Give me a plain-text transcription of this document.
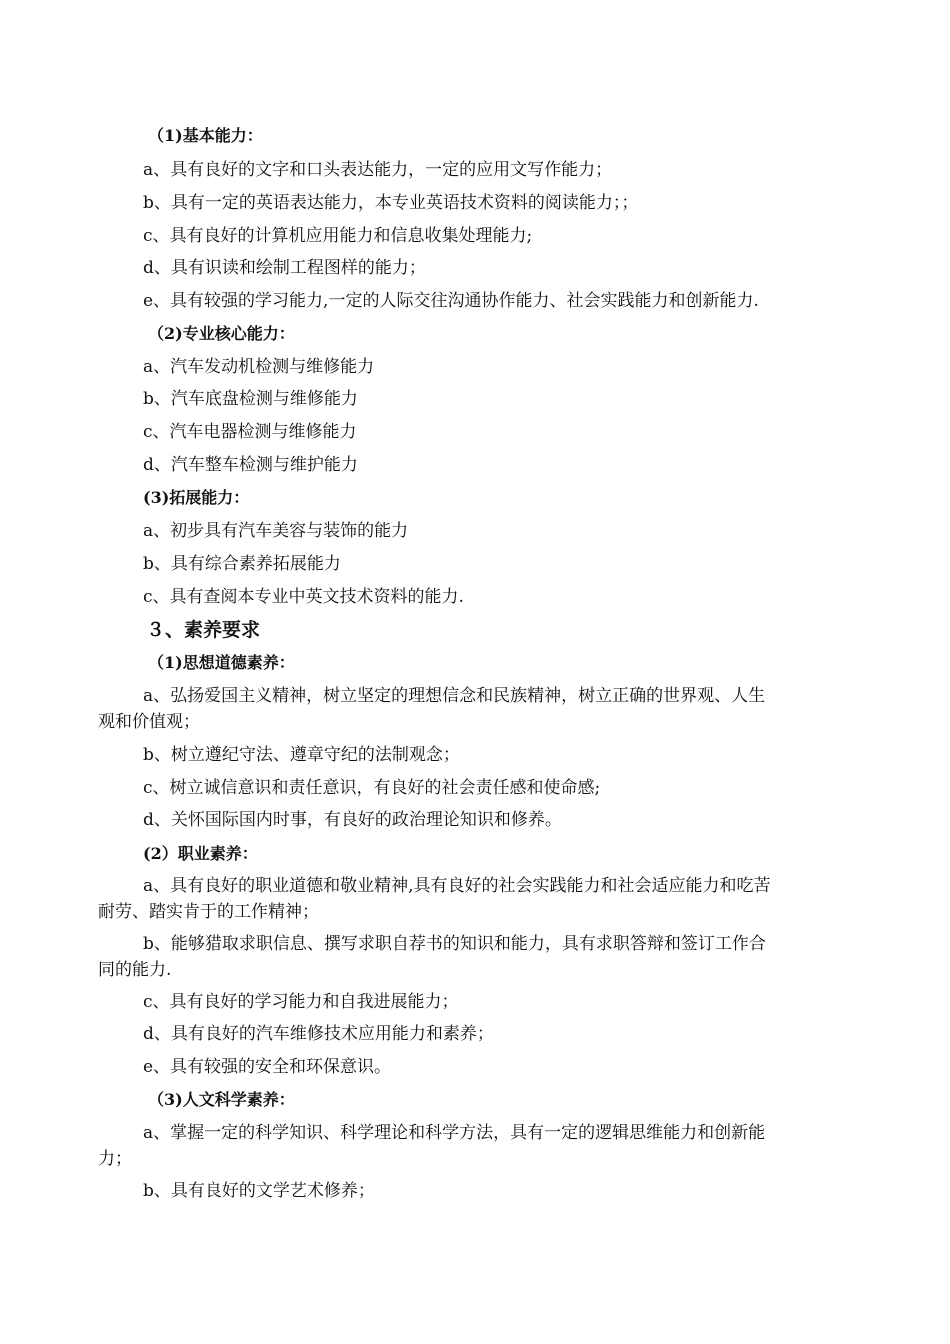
（1)基本能力：
a、具有良好的文字和口头表达能力，一定的应用文写作能力；
b、具有一定的英语表达能力，本专业英语技术资料的阅读能力；；
c、具有良好的计算机应用能力和信息收集处理能力;
d、具有识读和绘制工程图样的能力；
e、具有较强的学习能力,一定的人际交往沟通协作能力、社会实践能力和创新能力.
（2)专业核心能力：
a、汽车发动机检测与维修能力
b、汽车底盘检测与维修能力
c、汽车电器检测与维修能力
d、汽车整车检测与维护能力
(3)拓展能力：
a、初步具有汽车美容与装饰的能力
b、具有综合素养拓展能力
c、具有查阅本专业中英文技术资料的能力.
３、素养要求
（1)思想道德素养：
a、弘扬爱国主义精神，树立坚定的理想信念和民族精神，树立正确的世界观、人生
观和价值观；
b、树立遵纪守法、遵章守纪的法制观念；
c、树立诚信意识和责任意识，有良好的社会责任感和使命感;
d、关怀国际国内时事，有良好的政治理论知识和修养。
(2）职业素养：
a、具有良好的职业道德和敬业精神,具有良好的社会实践能力和社会适应能力和吃苦
耐劳、踏实肯于的工作精神；
b、能够猎取求职信息、撰写求职自荐书的知识和能力，具有求职答辩和签订工作合
同的能力.
c、具有良好的学习能力和自我进展能力；
d、具有良好的汽车维修技术应用能力和素养；
e、具有较强的安全和环保意识。
（3)人文科学素养：
a、掌握一定的科学知识、科学理论和科学方法，具有一定的逻辑思维能力和创新能
力；
b、具有良好的文学艺术修养；
